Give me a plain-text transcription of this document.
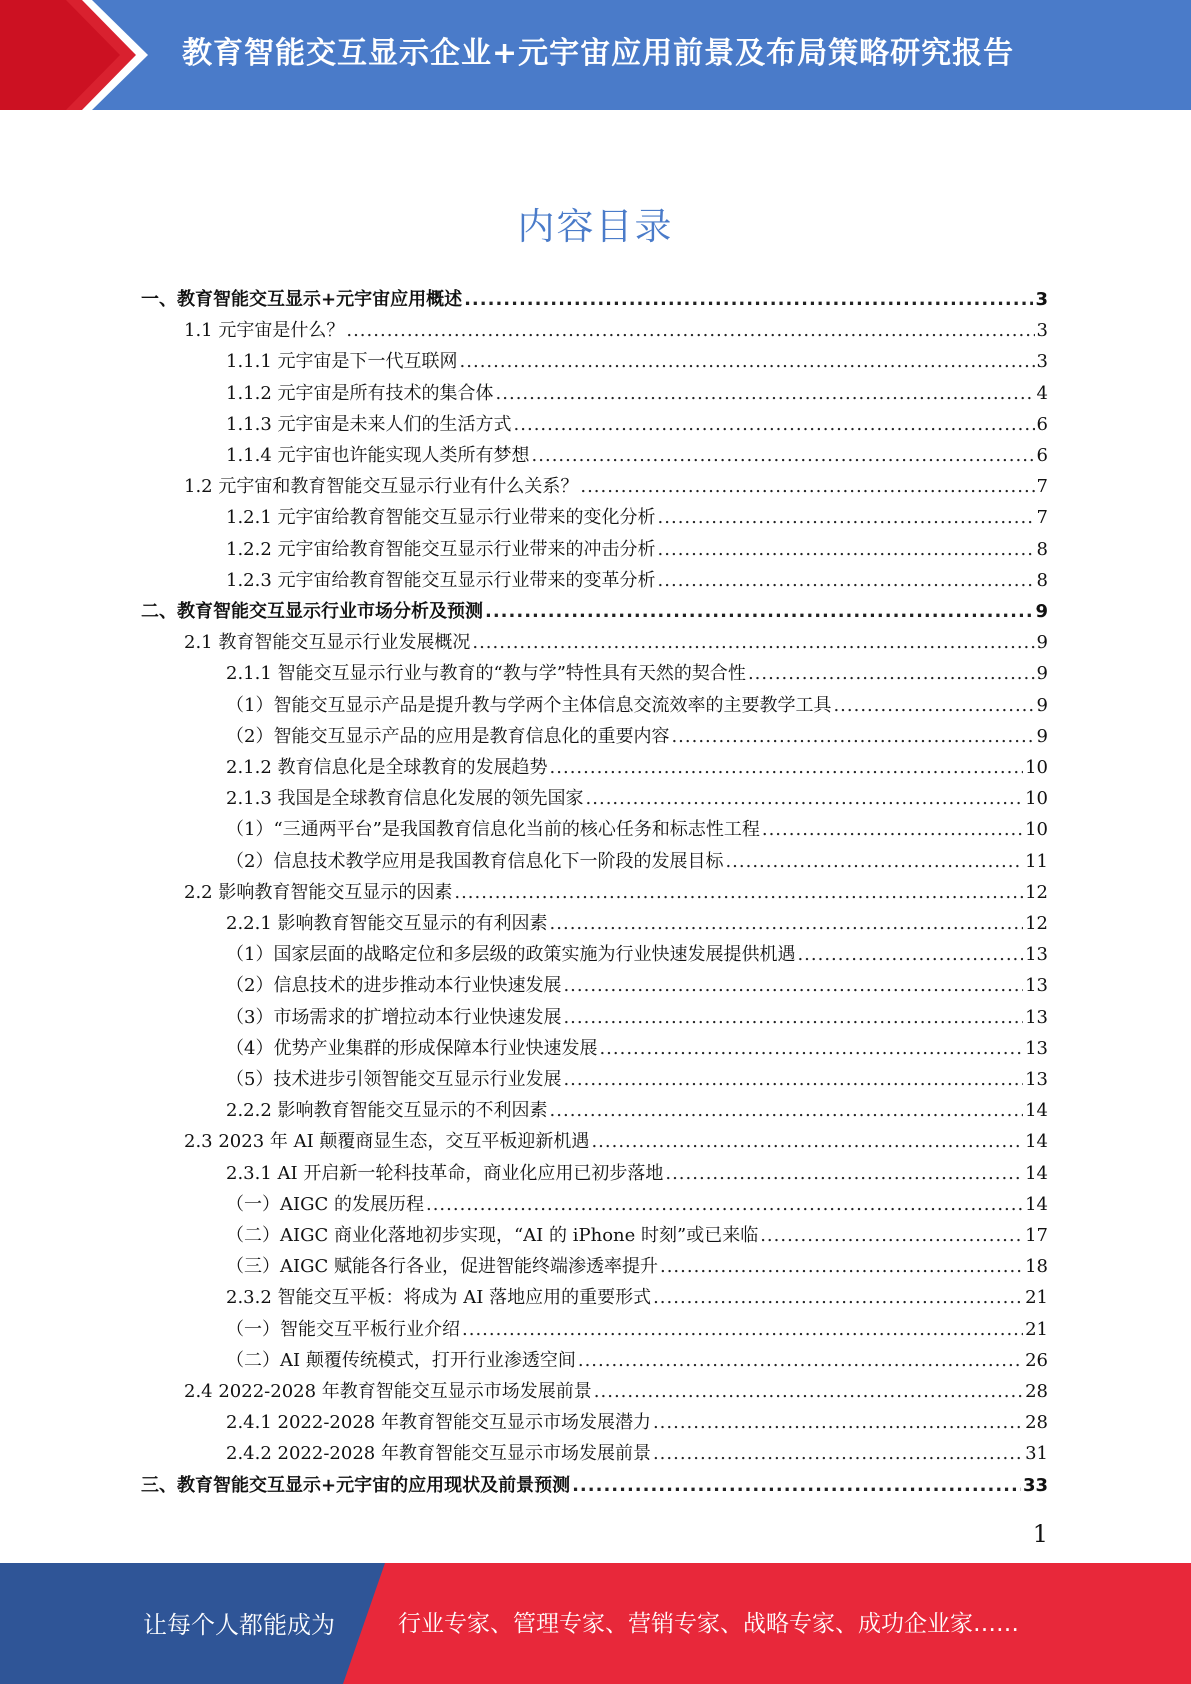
教育智能交互显示企业+元宇宙应用前景及布局策略研究报告
内容目录
一、教育智能交互显示+元宇宙应用概述 .....	3
1.1 元宇宙是什么？ .....	3
1.1.1 元宇宙是下一代互联网 .....	3
1.1.2 元宇宙是所有技术的集合体 .....	4
1.1.3 元宇宙是未来人们的生活方式 .....	6
1.1.4 元宇宙也许能实现人类所有梦想 .....	6
1.2 元宇宙和教育智能交互显示行业有什么关系？ .....	7
1.2.1 元宇宙给教育智能交互显示行业带来的变化分析 .....	7
1.2.2 元宇宙给教育智能交互显示行业带来的冲击分析 .....	8
1.2.3 元宇宙给教育智能交互显示行业带来的变革分析 .....	8
二、教育智能交互显示行业市场分析及预测 .....	9
2.1 教育智能交互显示行业发展概况 .....	9
2.1.1 智能交互显示行业与教育的“教与学”特性具有天然的契合性 .....	9
（1）智能交互显示产品是提升教与学两个主体信息交流效率的主要教学工具 .....	9
（2）智能交互显示产品的应用是教育信息化的重要内容 .....	9
2.1.2 教育信息化是全球教育的发展趋势 .....	10
2.1.3 我国是全球教育信息化发展的领先国家 .....	10
（1）“三通两平台”是我国教育信息化当前的核心任务和标志性工程 .....	10
（2）信息技术教学应用是我国教育信息化下一阶段的发展目标 .....	11
2.2 影响教育智能交互显示的因素 .....	12
2.2.1 影响教育智能交互显示的有利因素 .....	12
（1）国家层面的战略定位和多层级的政策实施为行业快速发展提供机遇 .....	13
（2）信息技术的进步推动本行业快速发展 .....	13
（3）市场需求的扩增拉动本行业快速发展 .....	13
（4）优势产业集群的形成保障本行业快速发展 .....	13
（5）技术进步引领智能交互显示行业发展 .....	13
2.2.2 影响教育智能交互显示的不利因素 .....	14
2.3 2023 年 AI 颠覆商显生态，交互平板迎新机遇 .....	14
2.3.1 AI 开启新一轮科技革命，商业化应用已初步落地 .....	14
（一）AIGC 的发展历程 .....	14
（二）AIGC 商业化落地初步实现，“AI 的 iPhone 时刻”或已来临 .....	17
（三）AIGC 赋能各行各业，促进智能终端渗透率提升 .....	18
2.3.2 智能交互平板：将成为 AI 落地应用的重要形式 .....	21
（一）智能交互平板行业介绍 .....	21
（二）AI 颠覆传统模式，打开行业渗透空间 .....	26
2.4 2022-2028 年教育智能交互显示市场发展前景 .....	28
2.4.1 2022-2028 年教育智能交互显示市场发展潜力 .....	28
2.4.2 2022-2028 年教育智能交互显示市场发展前景 .....	31
三、教育智能交互显示+元宇宙的应用现状及前景预测 .....	33
1
让每个人都能成为	行业专家、管理专家、营销专家、战略专家、成功企业家……
